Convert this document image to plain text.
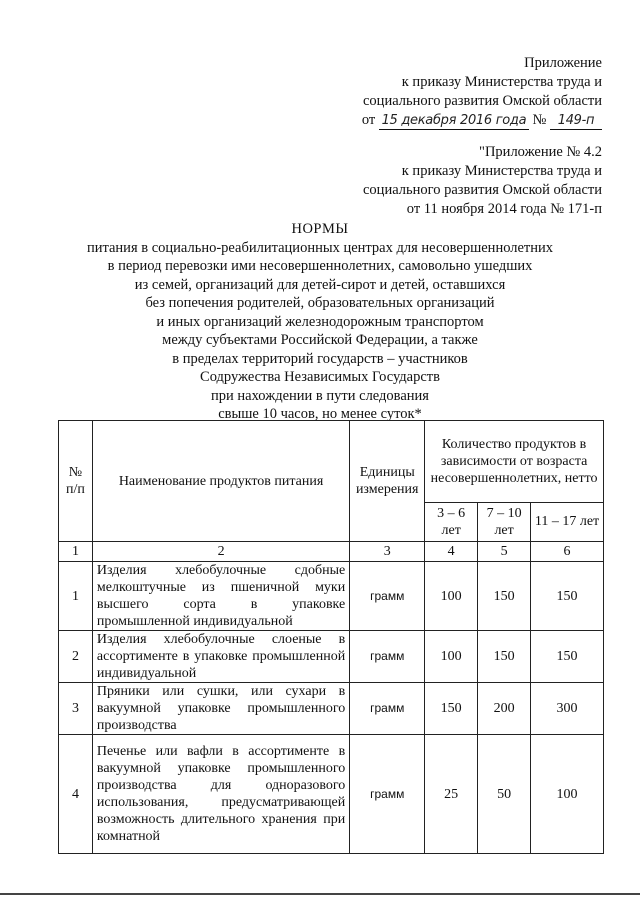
Приложение
к приказу Министерства труда и
социального развития Омской области
от 15 декабря 2016 года № 149-п
"Приложение № 4.2
к приказу Министерства труда и
социального развития Омской области
от 11 ноября 2014 года № 171-п
НОРМЫ
питания в социально-реабилитационных центрах для несовершеннолетних
в период перевозки ими несовершеннолетних, самовольно ушедших
из семей, организаций для детей-сирот и детей, оставшихся
без попечения родителей, образовательных организаций
и иных организаций железнодорожным транспортом
между субъектами Российской Федерации, а также
в пределах территорий государств – участников
Содружества Независимых Государств
при нахождении в пути следования
свыше 10 часов, но менее суток*
№ п/п	Наименование продуктов питания	Единицы измерения	Количество продуктов в зависимости от возраста несовершеннолетних, нетто		
			3 – 6 лет	7 – 10 лет	11 – 17 лет
1	2	3	4	5	6
1	Изделия хлебобулочные сдобные мелкоштучные из пшеничной муки высшего сорта в упаковке промышленной индивидуальной	грамм	100	150	150
2	Изделия хлебобулочные слоеные в ассортименте в упаковке промышленной индивидуальной	грамм	100	150	150
3	Пряники или сушки, или сухари в вакуумной упаковке промышленного производства	грамм	150	200	300
4	Печенье или вафли в ассортименте в вакуумной упаковке промышленного производства для одноразового использования, предусматривающей возможность длительного хранения при комнатной	грамм	25	50	100
